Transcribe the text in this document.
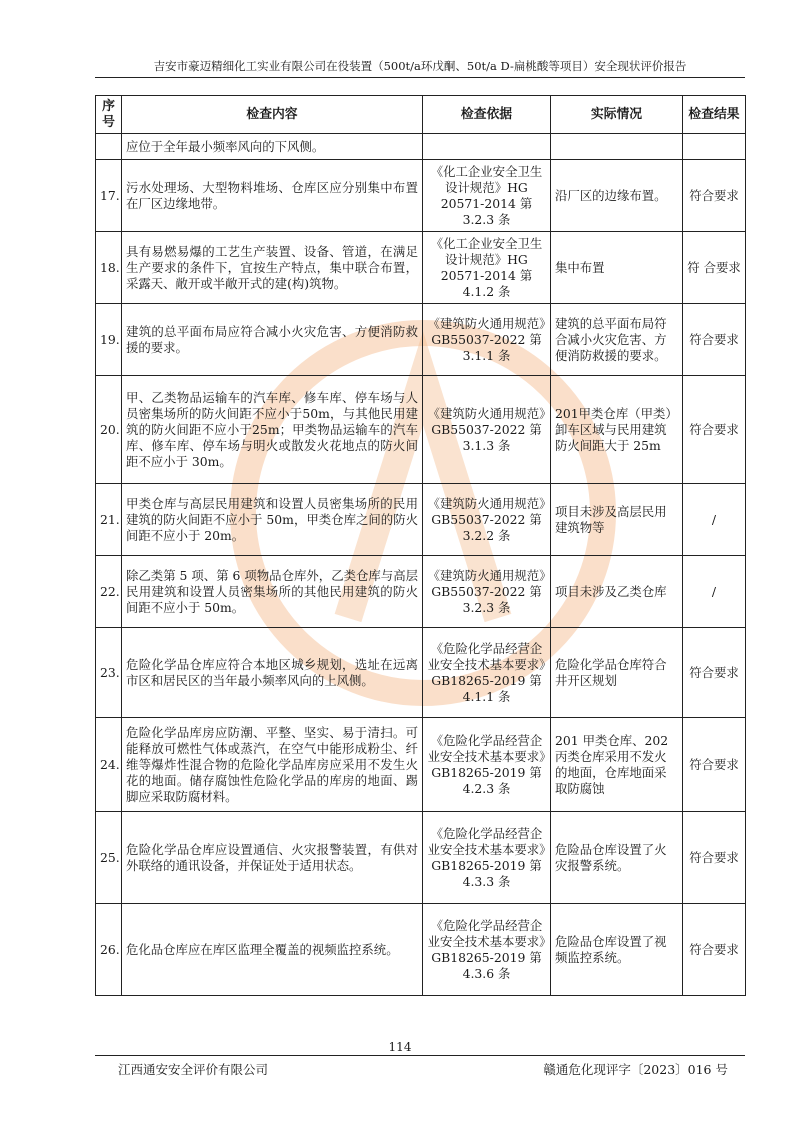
吉安市豪迈精细化工实业有限公司在役装置（500t/a环戊酮、50t/a D-扁桃酸等项目）安全现状评价报告
序号	检查内容	检查依据	实际情况	检查结果
	应位于全年最小频率风向的下风侧。			
17.	污水处理场、大型物料堆场、仓库区应分别集中布置在厂区边缘地带。	《化工企业安全卫生设计规范》HG 20571-2014 第 3.2.3 条	沿厂区的边缘布置。	符合要求
18.	具有易燃易爆的工艺生产装置、设备、管道，在满足生产要求的条件下，宜按生产特点，集中联合布置，采露天、敞开或半敞开式的建(构)筑物。	《化工企业安全卫生设计规范》HG 20571-2014 第 4.1.2 条	集中布置	符 合要求
19.	建筑的总平面布局应符合减小火灾危害、方便消防救援的要求。	《建筑防火通用规范》GB55037-2022 第 3.1.1 条	建筑的总平面布局符合减小火灾危害、方便消防救援的要求。	符合要求
20.	甲、乙类物品运输车的汽车库、修车库、停车场与人员密集场所的防火间距不应小于50m，与其他民用建筑的防火间距不应小于25m；甲类物品运输车的汽车库、修车库、停车场与明火或散发火花地点的防火间距不应小于 30m。	《建筑防火通用规范》GB55037-2022 第 3.1.3 条	201甲类仓库（甲类）卸车区域与民用建筑防火间距大于 25m	符合要求
21.	甲类仓库与高层民用建筑和设置人员密集场所的民用建筑的防火间距不应小于 50m，甲类仓库之间的防火间距不应小于 20m。	《建筑防火通用规范》GB55037-2022 第 3.2.2 条	项目未涉及高层民用建筑物等	/
22.	除乙类第 5 项、第 6 项物品仓库外，乙类仓库与高层民用建筑和设置人员密集场所的其他民用建筑的防火间距不应小于 50m。	《建筑防火通用规范》GB55037-2022 第 3.2.3 条	项目未涉及乙类仓库	/
23.	危险化学品仓库应符合本地区城乡规划，选址在远离市区和居民区的当年最小频率风向的上风侧。	《危险化学品经营企业安全技术基本要求》GB18265-2019 第 4.1.1 条	危险化学品仓库符合井开区规划	符合要求
24.	危险化学品库房应防潮、平整、坚实、易于清扫。可能释放可燃性气体或蒸汽，在空气中能形成粉尘、纤维等爆炸性混合物的危险化学品库房应采用不发生火花的地面。储存腐蚀性危险化学品的库房的地面、踢脚应采取防腐材料。	《危险化学品经营企业安全技术基本要求》GB18265-2019 第 4.2.3 条	201 甲类仓库、202丙类仓库采用不发火的地面，仓库地面采取防腐蚀	符合要求
25.	危险化学品仓库应设置通信、火灾报警装置，有供对外联络的通讯设备，并保证处于适用状态。	《危险化学品经营企业安全技术基本要求》GB18265-2019 第 4.3.3 条	危险品仓库设置了火灾报警系统。	符合要求
26.	危化品仓库应在库区监理全覆盖的视频监控系统。	《危险化学品经营企业安全技术基本要求》GB18265-2019 第 4.3.6 条	危险品仓库设置了视频监控系统。	符合要求
114
江西通安安全评价有限公司	赣通危化现评字〔2023〕016 号
